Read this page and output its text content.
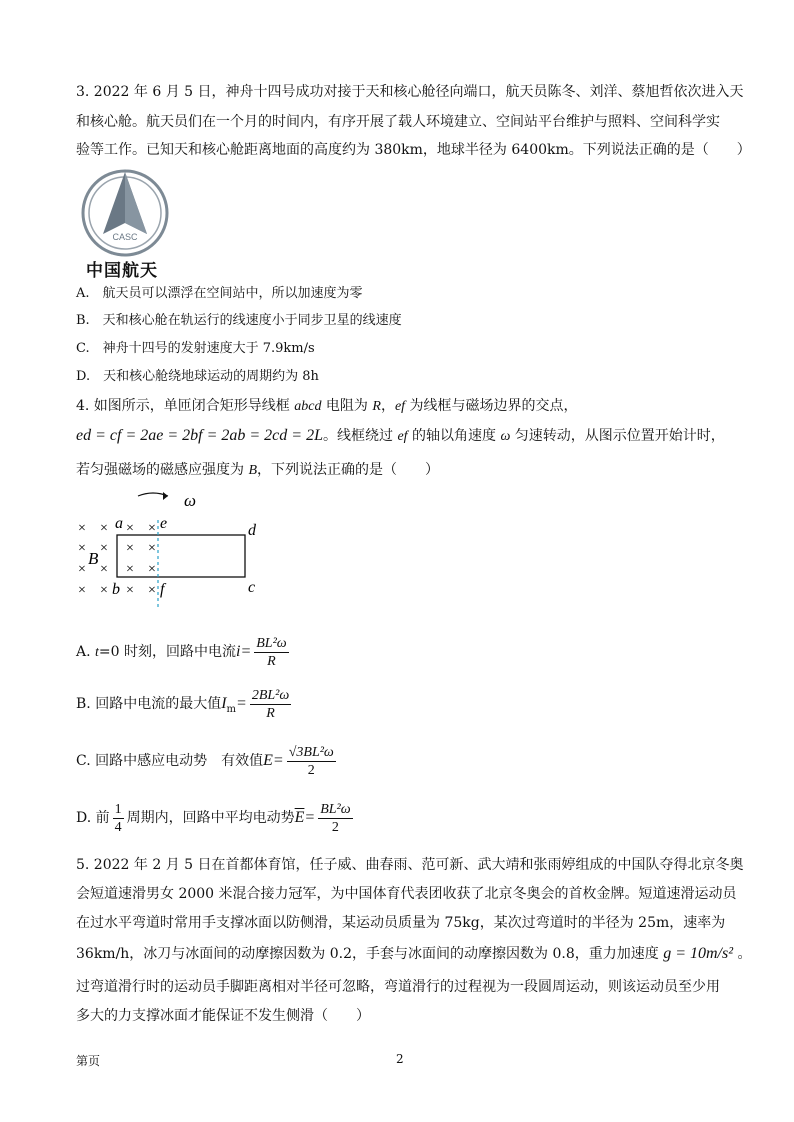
3. 2022 年 6 月 5 日，神舟十四号成功对接于天和核心舱径向端口，航天员陈冬、刘洋、蔡旭哲依次进入天
和核心舱。航天员们在一个月的时间内，有序开展了载人环境建立、空间站平台维护与照料、空间科学实
验等工作。已知天和核心舱距离地面的高度约为 380km，地球半径为 6400km。下列说法正确的是（　　）
CASC
中国航天
A.　航天员可以漂浮在空间站中，所以加速度为零
B.　天和核心舱在轨运行的线速度小于同步卫星的线速度
C.　神舟十四号的发射速度大于 7.9km/s
D.　天和核心舱绕地球运动的周期约为 8h
4. 如图所示，单匝闭合矩形导线框 abcd 电阻为 R，ef 为线框与磁场边界的交点，
ed = cf = 2ae = 2bf = 2ab = 2cd = 2L。线框绕过 ef 的轴以角速度 ω 匀速转动，从图示位置开始计时，
若匀强磁场的磁感应强度为 B，下列说法正确的是（　　）
ω
× × × ×
× × × ×
× × × ×
× × × ×
B
a e	d
b	f	c
A. t=0 时刻，回路中电流$i= \frac{\text{BL²ω}}{R}$
B. 回路中电流的最大值$I_m= \frac{\text{2BL²ω}}{R}$
C. 回路中感应电动势　有效值$E= \frac{\text{√3BL²ω}}{2}$
D. 前 $\frac{1}{4}$ 周期内，回路中平均电动势$\overline{E}= \frac{\text{BL²ω}}{2}$
5. 2022 年 2 月 5 日在首都体育馆，任子威、曲春雨、范可新、武大靖和张雨婷组成的中国队夺得北京冬奥
会短道速滑男女 2000 米混合接力冠军，为中国体育代表团收获了北京冬奥会的首枚金牌。短道速滑运动员
在过水平弯道时常用手支撑冰面以防侧滑，某运动员质量为 75kg，某次过弯道时的半径为 25m，速率为
36km/h，冰刀与冰面间的动摩擦因数为 0.2，手套与冰面间的动摩擦因数为 0.8，重力加速度 g = 10m/s² 。
过弯道滑行时的运动员手脚距离相对半径可忽略，弯道滑行的过程视为一段圆周运动，则该运动员至少用
多大的力支撑冰面才能保证不发生侧滑（　　）
第页	2
